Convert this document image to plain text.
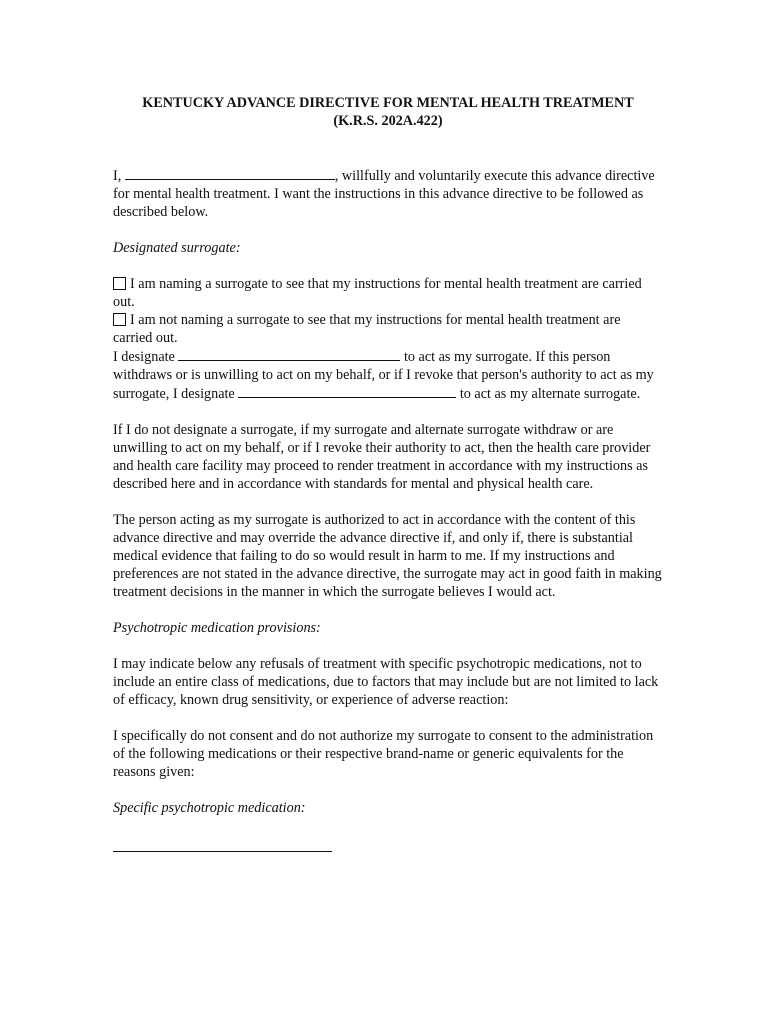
KENTUCKY ADVANCE DIRECTIVE FOR MENTAL HEALTH TREATMENT

(K.R.S. 202A.422)

I,	, willfully and voluntarily execute this advance directive for mental health treatment. I want the instructions in this advance directive to be followed as described below.

Designated surrogate:

I am naming a surrogate to see that my instructions for mental health treatment are carried out.

I am not naming a surrogate to see that my instructions for mental health treatment are carried out.

I designate	to act as my surrogate. If this person withdraws or is unwilling to act on my behalf, or if I revoke that person's authority to act as my surrogate, I designate	to act as my alternate surrogate.

If I do not designate a surrogate, if my surrogate and alternate surrogate withdraw or are unwilling to act on my behalf, or if I revoke their authority to act, then the health care provider and health care facility may proceed to render treatment in accordance with my instructions as described here and in accordance with standards for mental and physical health care.

The person acting as my surrogate is authorized to act in accordance with the content of this advance directive and may override the advance directive if, and only if, there is substantial medical evidence that failing to do so would result in harm to me. If my instructions and preferences are not stated in the advance directive, the surrogate may act in good faith in making treatment decisions in the manner in which the surrogate believes I would act.

Psychotropic medication provisions:

I may indicate below any refusals of treatment with specific psychotropic medications, not to include an entire class of medications, due to factors that may include but are not limited to lack of efficacy, known drug sensitivity, or experience of adverse reaction:

I specifically do not consent and do not authorize my surrogate to consent to the administration of the following medications or their respective brand-name or generic equivalents for the reasons given:

Specific psychotropic medication:
